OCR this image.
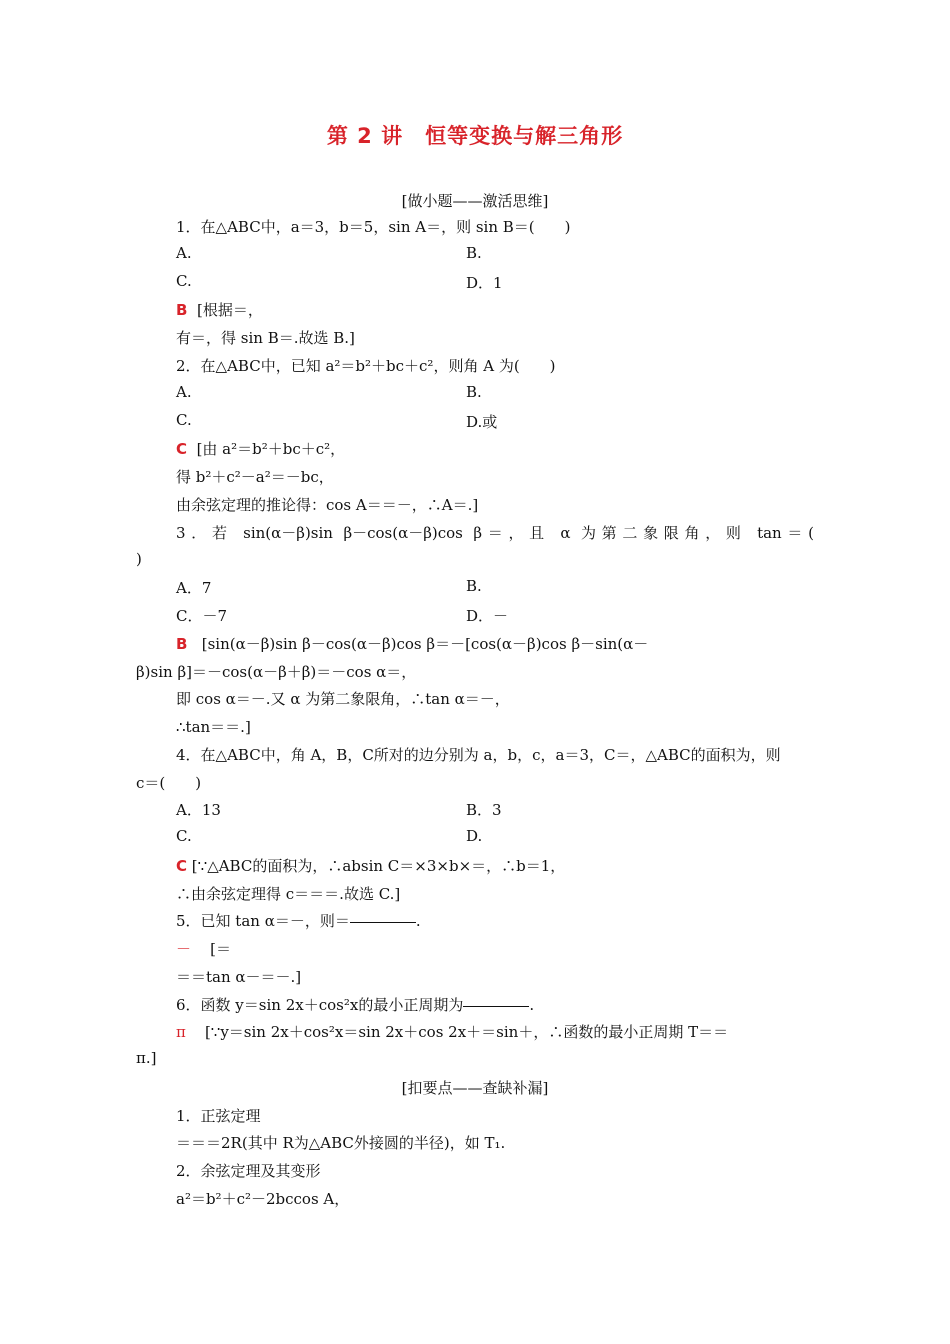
第 2 讲　恒等变换与解三角形
[做小题——激活思维]
1．在△ABC中，a＝3，b＝5，sin A＝，则 sin B＝(　　)
A.	B.
C.	D．1
B [根据＝，
有＝，得 sin B＝.故选 B.]
2．在△ABC中，已知 a²＝b²＋bc＋c²，则角 A 为(　　)
A.	B.
C.	D.或
C [由 a²＝b²＋bc＋c²，
得 b²＋c²－a²＝－bc，
由余弦定理的推论得：cos A＝＝－，∴A＝.]
3．若 sin(α－β)sin β－cos(α－β)cos β＝，且 α 为第二象限角，则 tan＝(
)
A．7	B.
C．－7	D．－
B [sin(α－β)sin β－cos(α－β)cos β＝－[cos(α－β)cos β－sin(α－
β)sin β]＝－cos(α－β＋β)＝－cos α＝，
即 cos α＝－.又 α 为第二象限角，∴tan α＝－，
∴tan＝＝.]
4．在△ABC中，角 A，B，C所对的边分别为 a，b，c，a＝3，C＝，△ABC的面积为，则
c＝(　　)
A．13	B．3
C.	D.
C [∵△ABC的面积为，∴absin C＝×3×b×＝，∴b＝1，
∴由余弦定理得 c＝＝＝.故选 C.]
5．已知 tan α＝－，则＝	.
－ [＝
＝＝tan α－＝－.]
6．函数 y＝sin 2x＋cos²x的最小正周期为	.
π [∵y＝sin 2x＋cos²x＝sin 2x＋cos 2x＋＝sin＋，∴函数的最小正周期 T＝＝
π.]
[扣要点——查缺补漏]
1．正弦定理
＝＝＝2R(其中 R为△ABC外接圆的半径)，如 T₁.
2．余弦定理及其变形
a²＝b²＋c²－2bccos A，
